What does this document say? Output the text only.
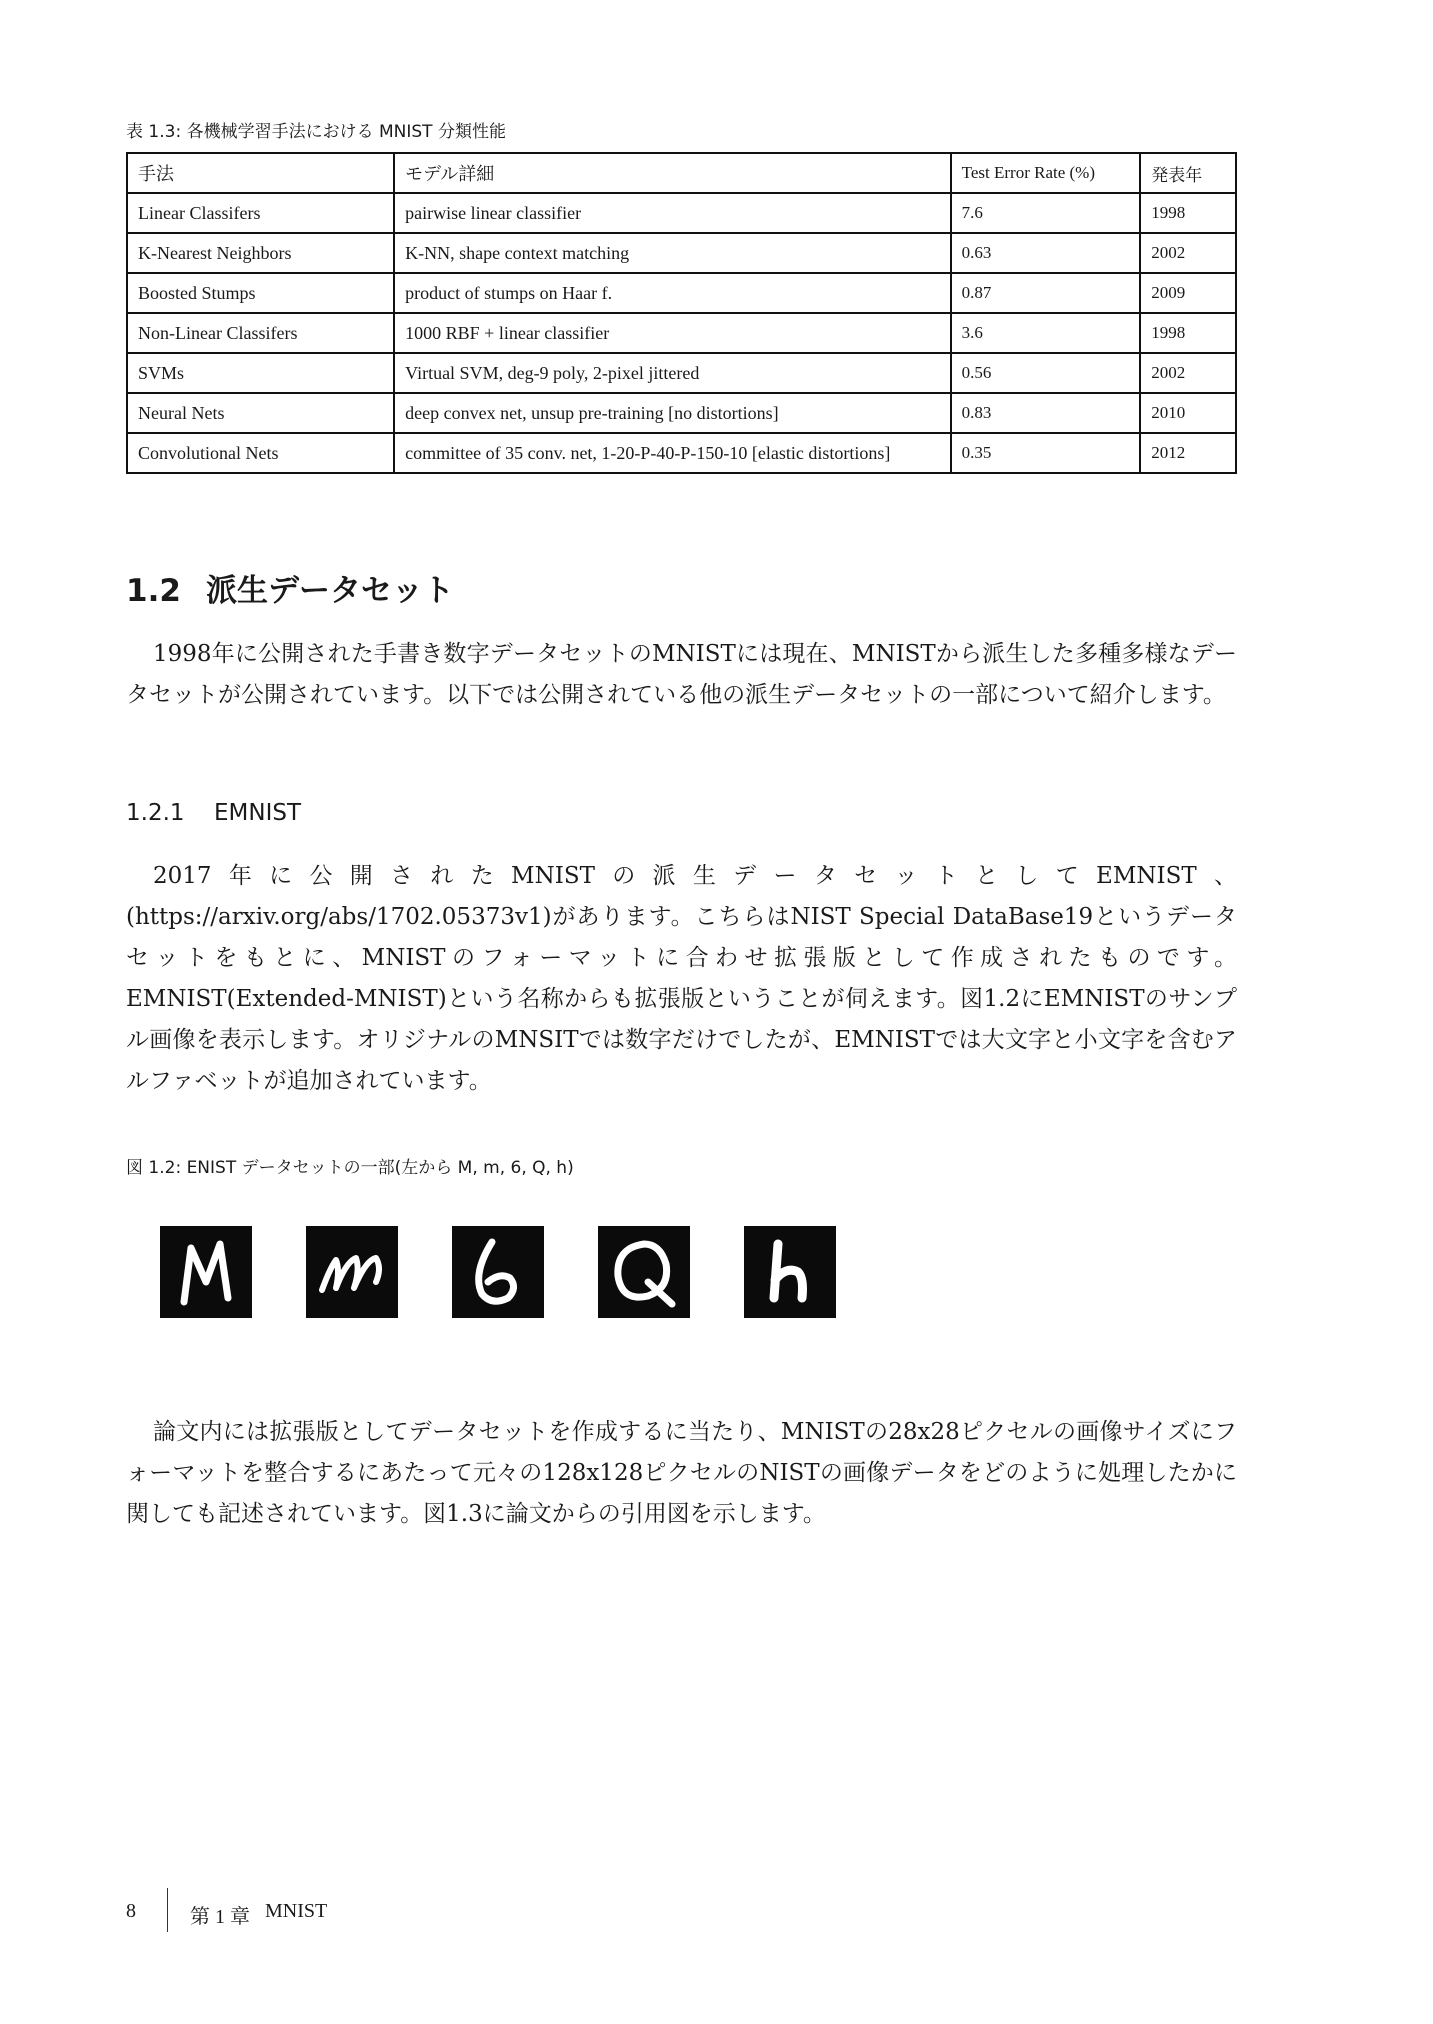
表 1.3: 各機械学習手法における MNIST 分類性能
手法	モデル詳細	Test Error Rate (%)	発表年
Linear Classifers	pairwise linear classifier	7.6	1998
K-Nearest Neighbors	K-NN, shape context matching	0.63	2002
Boosted Stumps	product of stumps on Haar f.	0.87	2009
Non-Linear Classifers	1000 RBF + linear classifier	3.6	1998
SVMs	Virtual SVM, deg-9 poly, 2-pixel jittered	0.56	2002
Neural Nets	deep convex net, unsup pre-training [no distortions]	0.83	2010
Convolutional Nets	committee of 35 conv. net, 1-20-P-40-P-150-10 [elastic distortions]	0.35	2012
1.2 派生データセット

1998年に公開された手書き数字データセットのMNISTには現在、MNISTから派生した多種多様なデータセットが公開されています。以下では公開されている他の派生データセットの一部について紹介します。

1.2.1 EMNIST

2017年に公開されたMNISTの派生データセットとしてEMNIST、(https://arxiv.org/abs/1702.05373v1)があります。こちらはNIST Special DataBase19というデータセットをもとに、MNISTのフォーマットに合わせ拡張版として作成されたものです。EMNIST(Extended-MNIST)という名称からも拡張版ということが伺えます。図1.2にEMNISTのサンプル画像を表示します。オリジナルのMNSITでは数字だけでしたが、EMNISTでは大文字と小文字を含むアルファベットが追加されています。

図 1.2: ENIST データセットの一部(左から M, m, 6, Q, h)

論文内には拡張版としてデータセットを作成するに当たり、MNISTの28x28ピクセルの画像サイズにフォーマットを整合するにあたって元々の128x128ピクセルのNISTの画像データをどのように処理したかに関しても記述されています。図1.3に論文からの引用図を示します。

8	第 1 章 MNIST
